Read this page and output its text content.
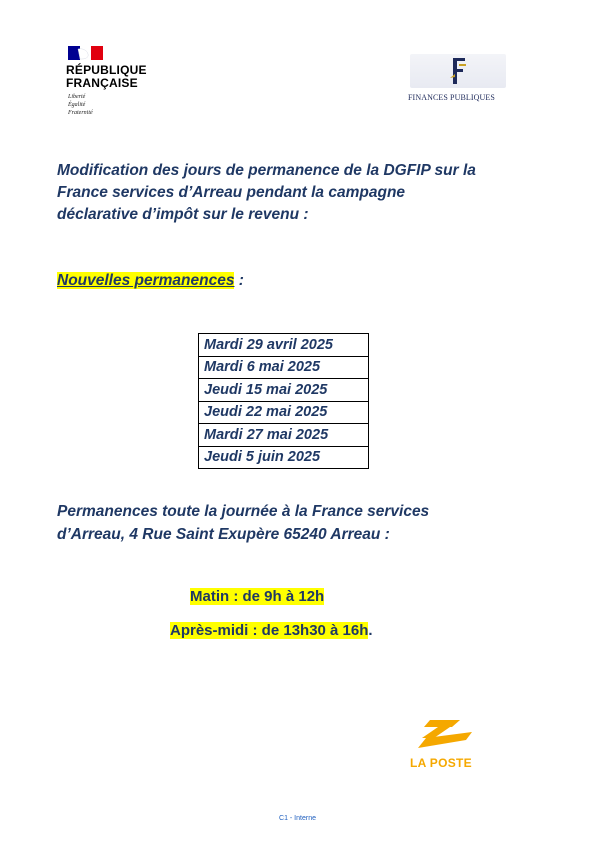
RÉPUBLIQUE
FRANÇAISE
Liberté
Égalité
Fraternité
FINANCES PUBLIQUES
Modification des jours de permanence de la DGFIP sur la
France services d’Arreau pendant la campagne
déclarative d’impôt sur le revenu :
Nouvelles permanences :
Mardi 29 avril 2025
Mardi 6 mai 2025
Jeudi 15 mai 2025
Jeudi 22 mai 2025
Mardi 27 mai 2025
Jeudi 5 juin 2025
Permanences toute la journée à la France services
d’Arreau, 4 Rue Saint Exupère 65240 Arreau :
Matin : de 9h à 12h
Après-midi : de 13h30 à 16h.
LA POSTE
C1 - Interne
